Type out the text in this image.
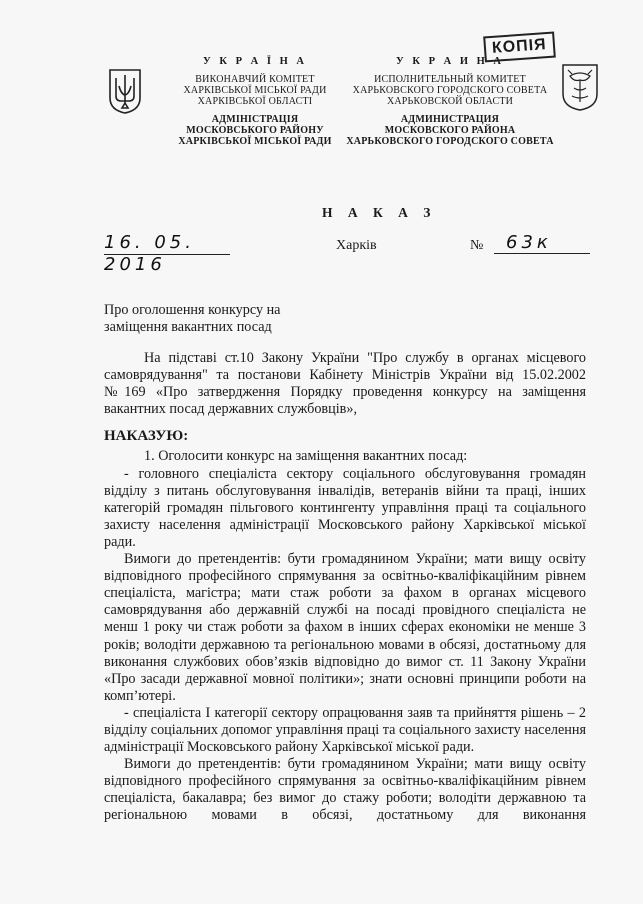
У К Р А Ї Н А
ВИКОНАВЧИЙ КОМІТЕТ
ХАРКІВСЬКОЇ МІСЬКОЇ РАДИ
ХАРКІВСЬКОЇ ОБЛАСТІ
АДМІНІСТРАЦІЯ
МОСКОВСЬКОГО РАЙОНУ
ХАРКІВСЬКОЇ МІСЬКОЇ РАДИ
У К Р А И Н А
ИСПОЛНИТЕЛЬНЫЙ КОМИТЕТ
ХАРЬКОВСКОГО ГОРОДСКОГО СОВЕТА
ХАРЬКОВСКОЙ ОБЛАСТИ
АДМИНИСТРАЦИЯ
МОСКОВСКОГО РАЙОНА
ХАРЬКОВСКОГО ГОРОДСКОГО СОВЕТА
КОПІЯ
Н А К А З
16. 05. 2016
Харків	№	63к
Про оголошення конкурсу на
заміщення вакантних посад

На підставі ст.10 Закону України "Про службу в органах місцевого самоврядування" та постанови Кабінету Міністрів України від 15.02.2002 №169 «Про затвердження Порядку проведення конкурсу на заміщення вакантних посад державних службовців»,

НАКАЗУЮ:

1. Оголосити конкурс на заміщення вакантних посад:

- головного спеціаліста сектору соціального обслуговування громадян відділу з питань обслуговування інвалідів, ветеранів війни та праці, інших категорій громадян пільгового контингенту управління праці та соціального захисту населення адміністрації Московського району Харківської міської ради.

Вимоги до претендентів: бути громадянином України; мати вищу освіту відповідного професійного спрямування за освітньо-кваліфікаційним рівнем спеціаліста, магістра; мати стаж роботи за фахом в органах місцевого самоврядування або державній службі на посаді провідного спеціаліста не менш 1 року чи стаж роботи за фахом в інших сферах економіки не менше 3 років; володіти державною та регіональною мовами в обсязі, достатньому для виконання службових обов’язків відповідно до вимог ст. 11 Закону України «Про засади державної мовної політики»; знати основні принципи роботи на комп’ютері.

- спеціаліста І категорії сектору опрацювання заяв та прийняття рішень – 2 відділу соціальних допомог управління праці та соціального захисту населення адміністрації Московського району Харківської міської ради.

Вимоги до претендентів: бути громадянином України; мати вищу освіту відповідного професійного спрямування за освітньо-кваліфікаційним рівнем спеціаліста, бакалавра; без вимог до стажу роботи; володіти державною та регіональною мовами в обсязі, достатньому для виконання
